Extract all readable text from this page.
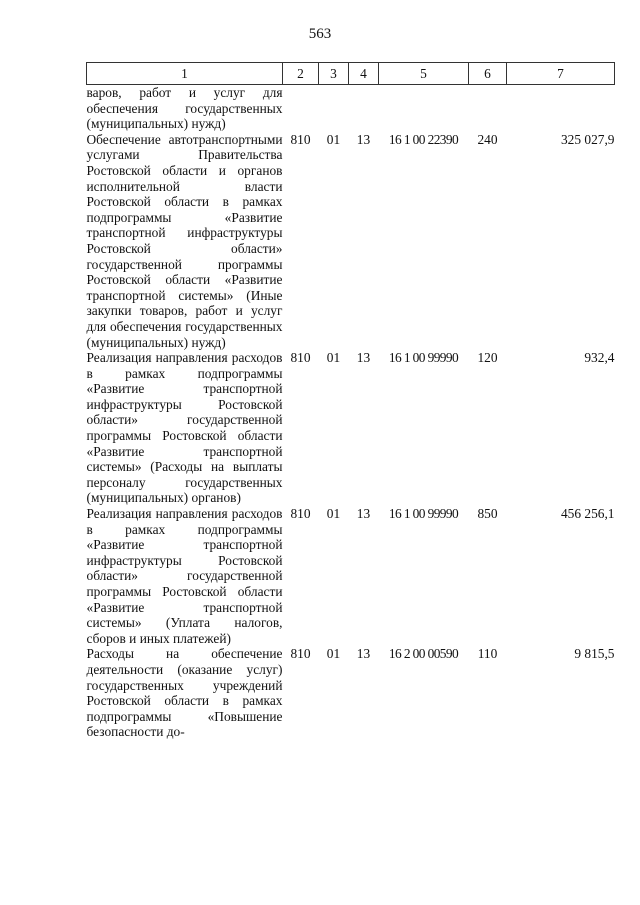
563
1	2	3	4	5	6	7
варов, работ и услуг для обеспечения государственных (муниципальных) нужд)						
Обеспечение автотранспортными услугами Правительства Ростовской области и органов исполнительной власти Ростовской области в рамках подпрограммы «Развитие транспортной инфраструктуры Ростовской области» государственной программы Ростовской области «Развитие транспортной системы» (Иные закупки товаров, работ и услуг для обеспечения государственных (муниципальных) нужд)	810	01	13	16 1 00 22390	240	325 027,9
Реализация направления расходов в рамках подпрограммы «Развитие транспортной инфраструктуры Ростовской области» государственной программы Ростовской области «Развитие транспортной системы» (Расходы на выплаты персоналу государственных (муниципальных) органов)	810	01	13	16 1 00 99990	120	932,4
Реализация направления расходов в рамках подпрограммы «Развитие транспортной инфраструктуры Ростовской области» государственной программы Ростовской области «Развитие транспортной системы» (Уплата налогов, сборов и иных платежей)	810	01	13	16 1 00 99990	850	456 256,1
Расходы на обеспечение деятельности (оказание услуг) государственных учреждений Ростовской области в рамках подпрограммы «Повышение безопасности до-	810	01	13	16 2 00 00590	110	9 815,5
